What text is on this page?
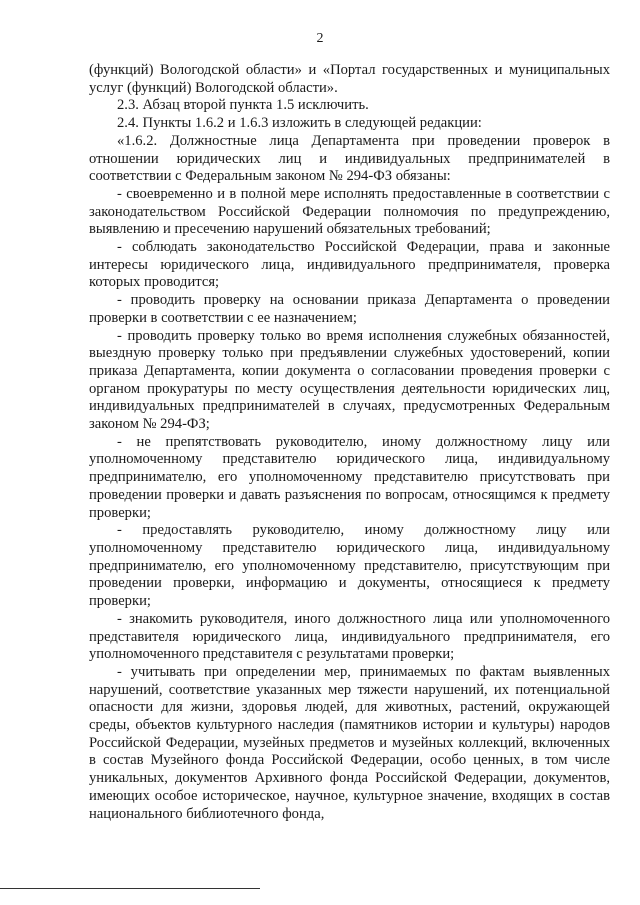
2

(функций) Вологодской области» и «Портал государственных и муниципальных услуг (функций) Вологодской области».

2.3. Абзац второй пункта 1.5 исключить.

2.4. Пункты 1.6.2 и 1.6.3 изложить в следующей редакции:

«1.6.2. Должностные лица Департамента при проведении проверок в отношении юридических лиц и индивидуальных предпринимателей в соответствии с Федеральным законом № 294-ФЗ обязаны:

- своевременно и в полной мере исполнять предоставленные в соответствии с законодательством Российской Федерации полномочия по предупреждению, выявлению и пресечению нарушений обязательных требований;

- соблюдать законодательство Российской Федерации, права и законные интересы юридического лица, индивидуального предпринимателя, проверка которых проводится;

- проводить проверку на основании приказа Департамента о проведении проверки в соответствии с ее назначением;

- проводить проверку только во время исполнения служебных обязанностей, выездную проверку только при предъявлении служебных удостоверений, копии приказа Департамента, копии документа о согласовании проведения проверки с органом прокуратуры по месту осуществления деятельности юридических лиц, индивидуальных предпринимателей в случаях, предусмотренных Федеральным законом № 294-ФЗ;

- не препятствовать руководителю, иному должностному лицу или уполномоченному представителю юридического лица, индивидуальному предпринимателю, его уполномоченному представителю присутствовать при проведении проверки и давать разъяснения по вопросам, относящимся к предмету проверки;

- предоставлять руководителю, иному должностному лицу или уполномоченному представителю юридического лица, индивидуальному предпринимателю, его уполномоченному представителю, присутствующим при проведении проверки, информацию и документы, относящиеся к предмету проверки;

- знакомить руководителя, иного должностного лица или уполномоченного представителя юридического лица, индивидуального предпринимателя, его уполномоченного представителя с результатами проверки;

- учитывать при определении мер, принимаемых по фактам выявленных нарушений, соответствие указанных мер тяжести нарушений, их потенциальной опасности для жизни, здоровья людей, для животных, растений, окружающей среды, объектов культурного наследия (памятников истории и культуры) народов Российской Федерации, музейных предметов и музейных коллекций, включенных в состав Музейного фонда Российской Федерации, особо ценных, в том числе уникальных, документов Архивного фонда Российской Федерации, документов, имеющих особое историческое, научное, культурное значение, входящих в состав национального библиотечного фонда,
